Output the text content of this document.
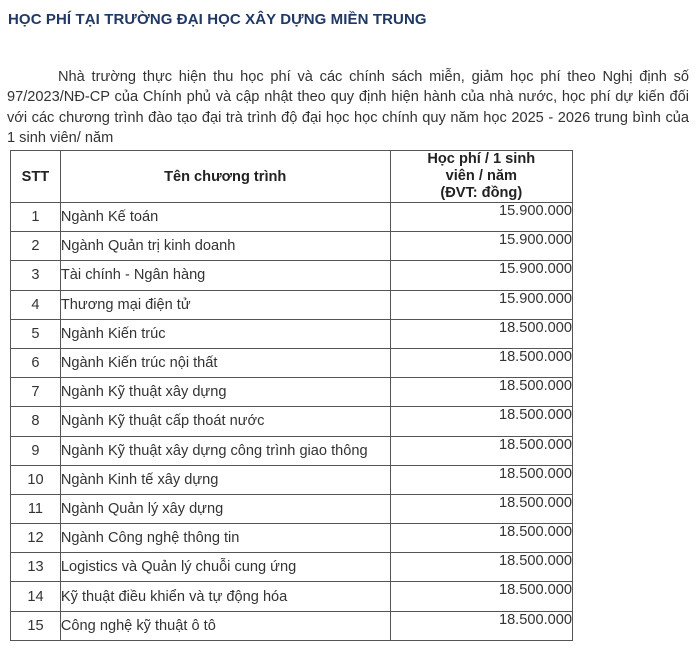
HỌC PHÍ TẠI TRƯỜNG ĐẠI HỌC XÂY DỰNG MIỀN TRUNG

Nhà trường thực hiện thu học phí và các chính sách miễn, giảm học phí theo Nghị định số 97/2023/NĐ-CP của Chính phủ và cập nhật theo quy định hiện hành của nhà nước, học phí dự kiến đối với các chương trình đào tạo đại trà trình độ đại học học chính quy năm học 2025 - 2026 trung bình của 1 sinh viên/ năm

STT	Tên chương trình	Học phí / 1 sinh
viên / năm
(ĐVT: đồng)
1	Ngành Kế toán	15.900.000
2	Ngành Quản trị kinh doanh	15.900.000
3	Tài chính - Ngân hàng	15.900.000
4	Thương mại điện tử	15.900.000
5	Ngành Kiến trúc	18.500.000
6	Ngành Kiến trúc nội thất	18.500.000
7	Ngành Kỹ thuật xây dựng	18.500.000
8	Ngành Kỹ thuật cấp thoát nước	18.500.000
9	Ngành Kỹ thuật xây dựng công trình giao thông	18.500.000
10	Ngành Kinh tế xây dựng	18.500.000
11	Ngành Quản lý xây dựng	18.500.000
12	Ngành Công nghệ thông tin	18.500.000
13	Logistics và Quản lý chuỗi cung ứng	18.500.000
14	Kỹ thuật điều khiển và tự động hóa	18.500.000
15	Công nghệ kỹ thuật ô tô	18.500.000
